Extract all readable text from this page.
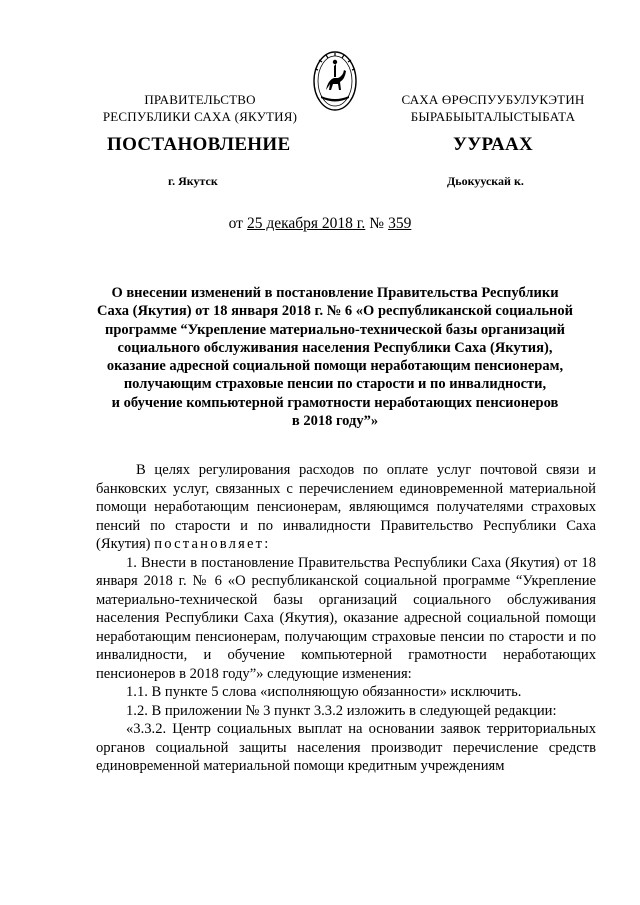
ПРАВИТЕЛЬСТВО
РЕСПУБЛИКИ САХА (ЯКУТИЯ)
САХА ӨРӨСПУУБУЛУКЭТИН
БЫРАБЫЫТАЛЫСТЫБАТА
ПОСТАНОВЛЕНИЕ	УУРААХ
г. Якутск	Дьокуускай к.
от 25 декабря 2018 г. № 359
О внесении изменений в постановление Правительства Республики
Саха (Якутия) от 18 января 2018 г. № 6 «О республиканской социальной
программе “Укрепление материально-технической базы организаций
социального обслуживания населения Республики Саха (Якутия),
оказание адресной социальной помощи неработающим пенсионерам,
получающим страховые пенсии по старости и по инвалидности,
и обучение компьютерной грамотности неработающих пенсионеров
в 2018 году”»

В целях регулирования расходов по оплате услуг почтовой связи и банковских услуг, связанных с перечислением единовременной материальной помощи неработающим пенсионерам, являющимся получателями страховых пенсий по старости и по инвалидности Правительство Республики Саха (Якутия) постановляет:

1. Внести в постановление Правительства Республики Саха (Якутия) от 18 января 2018 г. № 6 «О республиканской социальной программе “Укрепление материально-технической базы организаций социального обслуживания населения Республики Саха (Якутия), оказание адресной социальной помощи неработающим пенсионерам, получающим страховые пенсии по старости и по инвалидности, и обучение компьютерной грамотности неработающих пенсионеров в 2018 году”» следующие изменения:

1.1. В пункте 5 слова «исполняющую обязанности» исключить.

1.2. В приложении № 3 пункт 3.3.2 изложить в следующей редакции:

«3.3.2. Центр социальных выплат на основании заявок территориальных органов социальной защиты населения производит перечисление средств единовременной материальной помощи кредитным учреждениям
